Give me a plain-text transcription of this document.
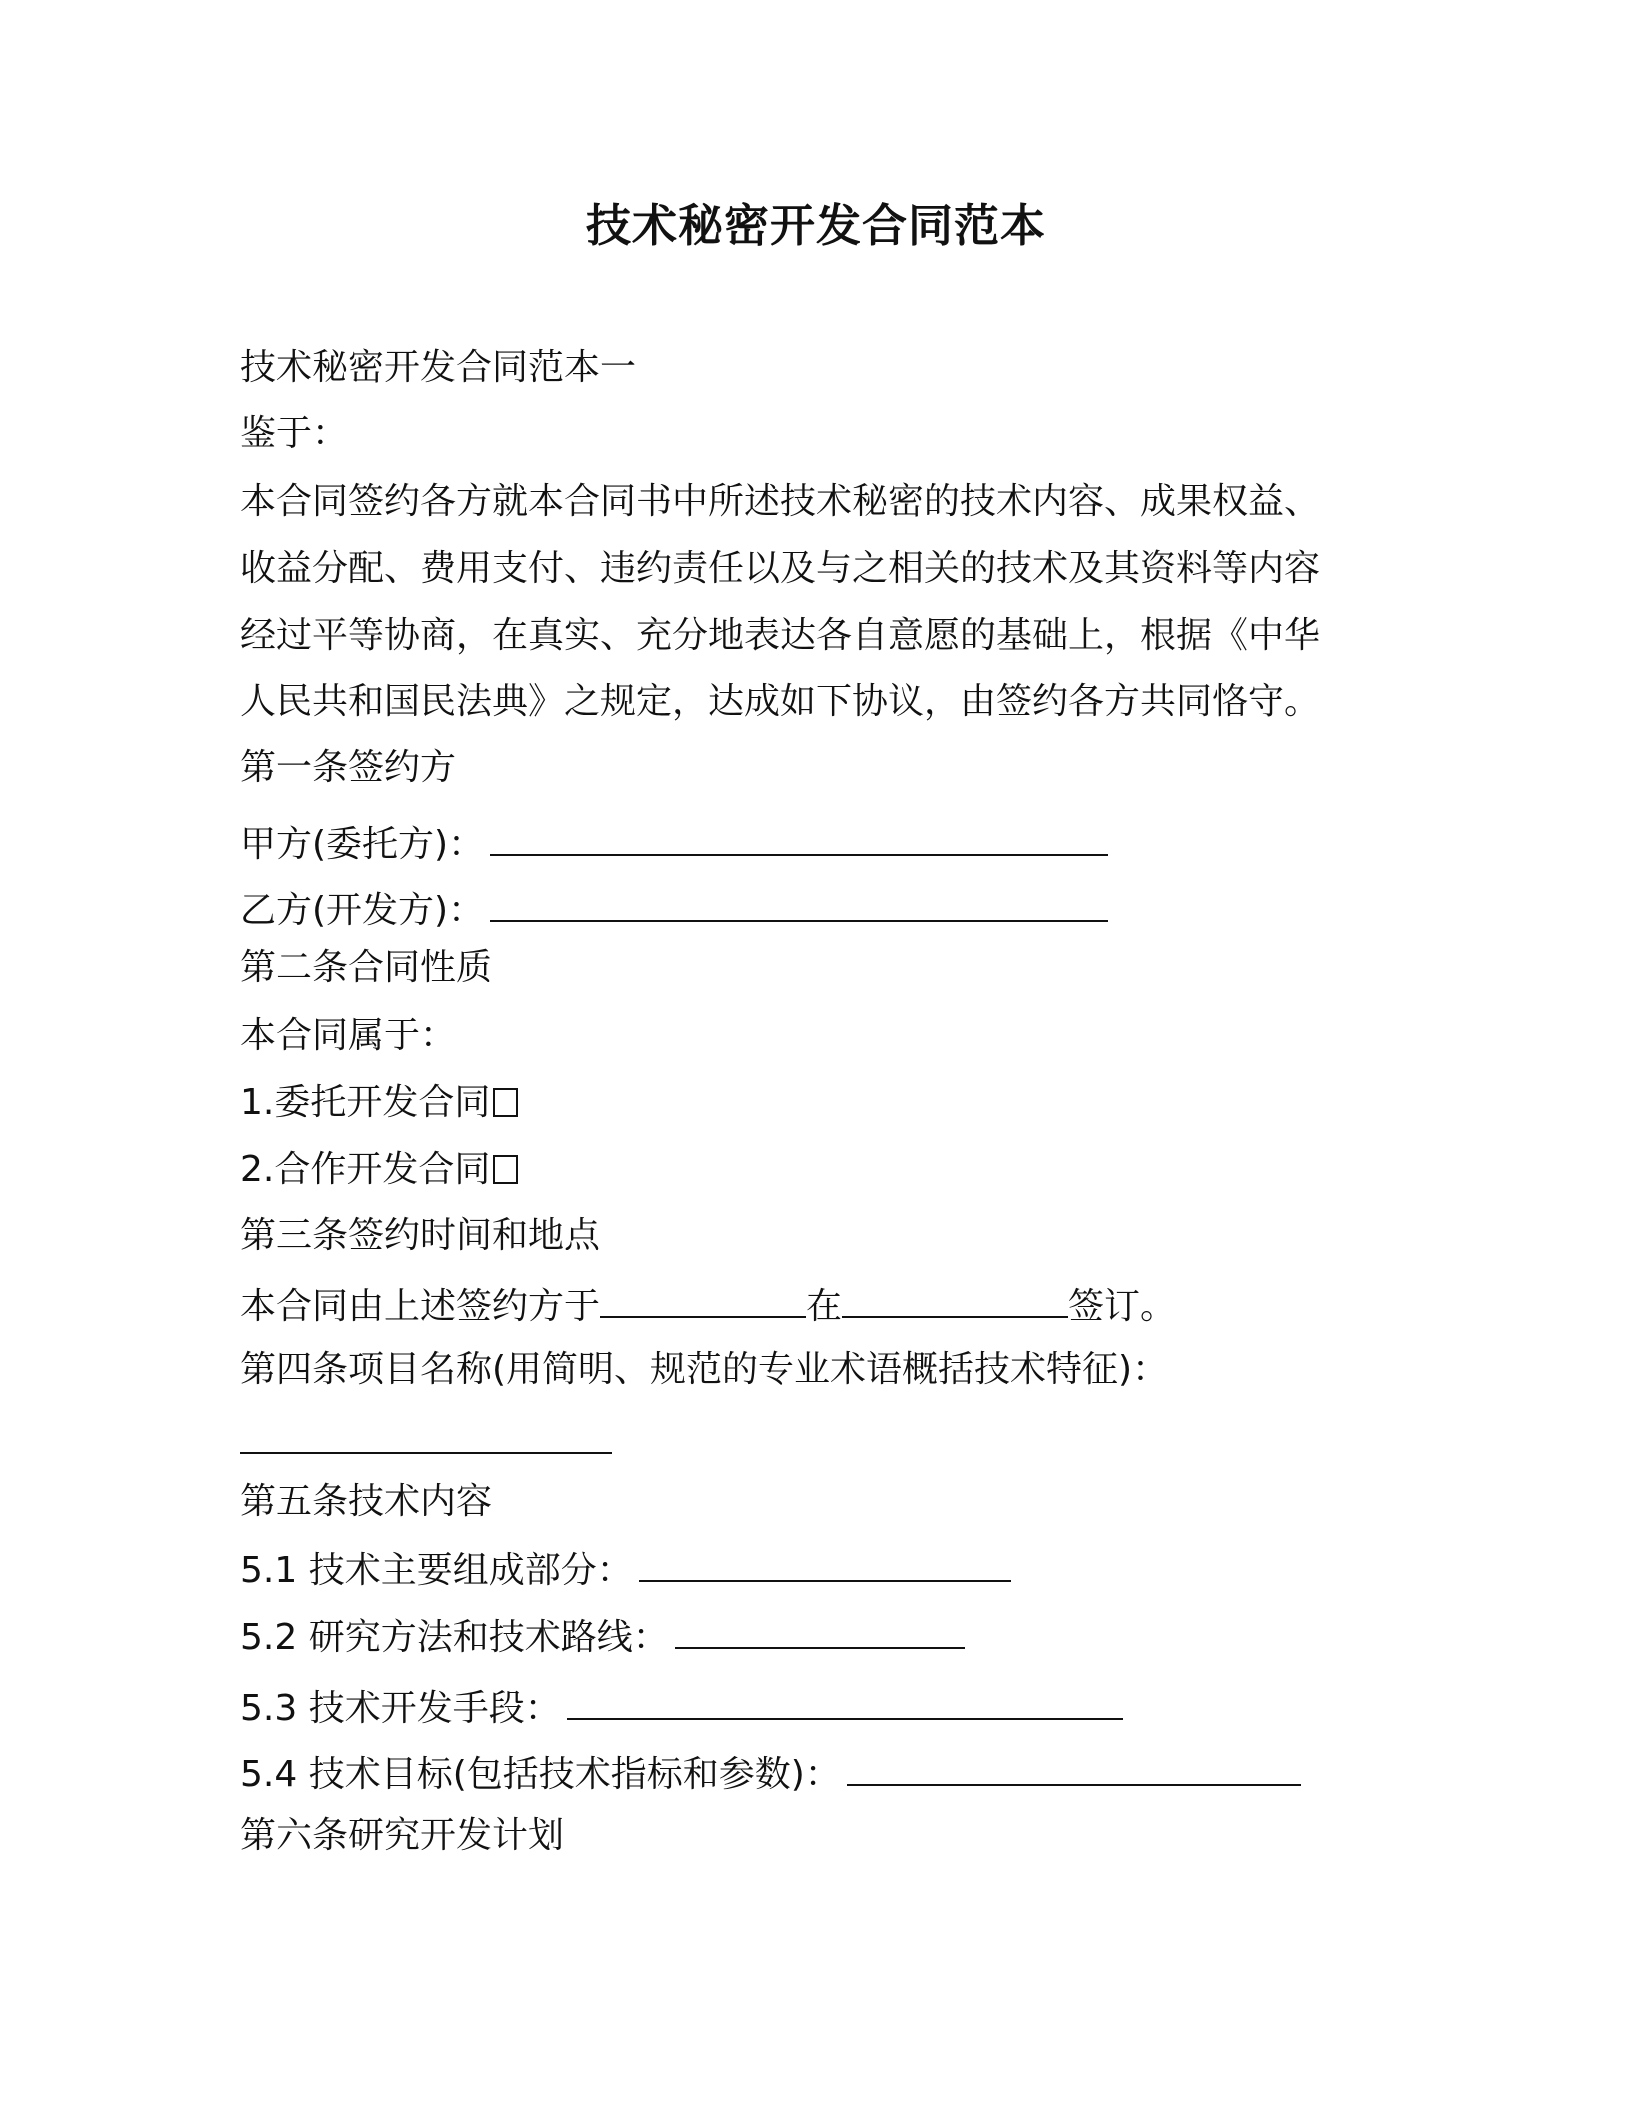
技术秘密开发合同范本
技术秘密开发合同范本一
鉴于：
本合同签约各方就本合同书中所述技术秘密的技术内容、成果权益、
收益分配、费用支付、违约责任以及与之相关的技术及其资料等内容
经过平等协商，在真实、充分地表达各自意愿的基础上，根据《中华
人民共和国民法典》之规定，达成如下协议，由签约各方共同恪守。
第一条签约方
甲方(委托方)：
乙方(开发方)：
第二条合同性质
本合同属于：
1.委托开发合同
2.合作开发合同
第三条签约时间和地点
本合同由上述签约方于	在	签订。
第四条项目名称(用简明、规范的专业术语概括技术特征)：
第五条技术内容
5.1 技术主要组成部分：
5.2 研究方法和技术路线：
5.3 技术开发手段：
5.4 技术目标(包括技术指标和参数)：
第六条研究开发计划
